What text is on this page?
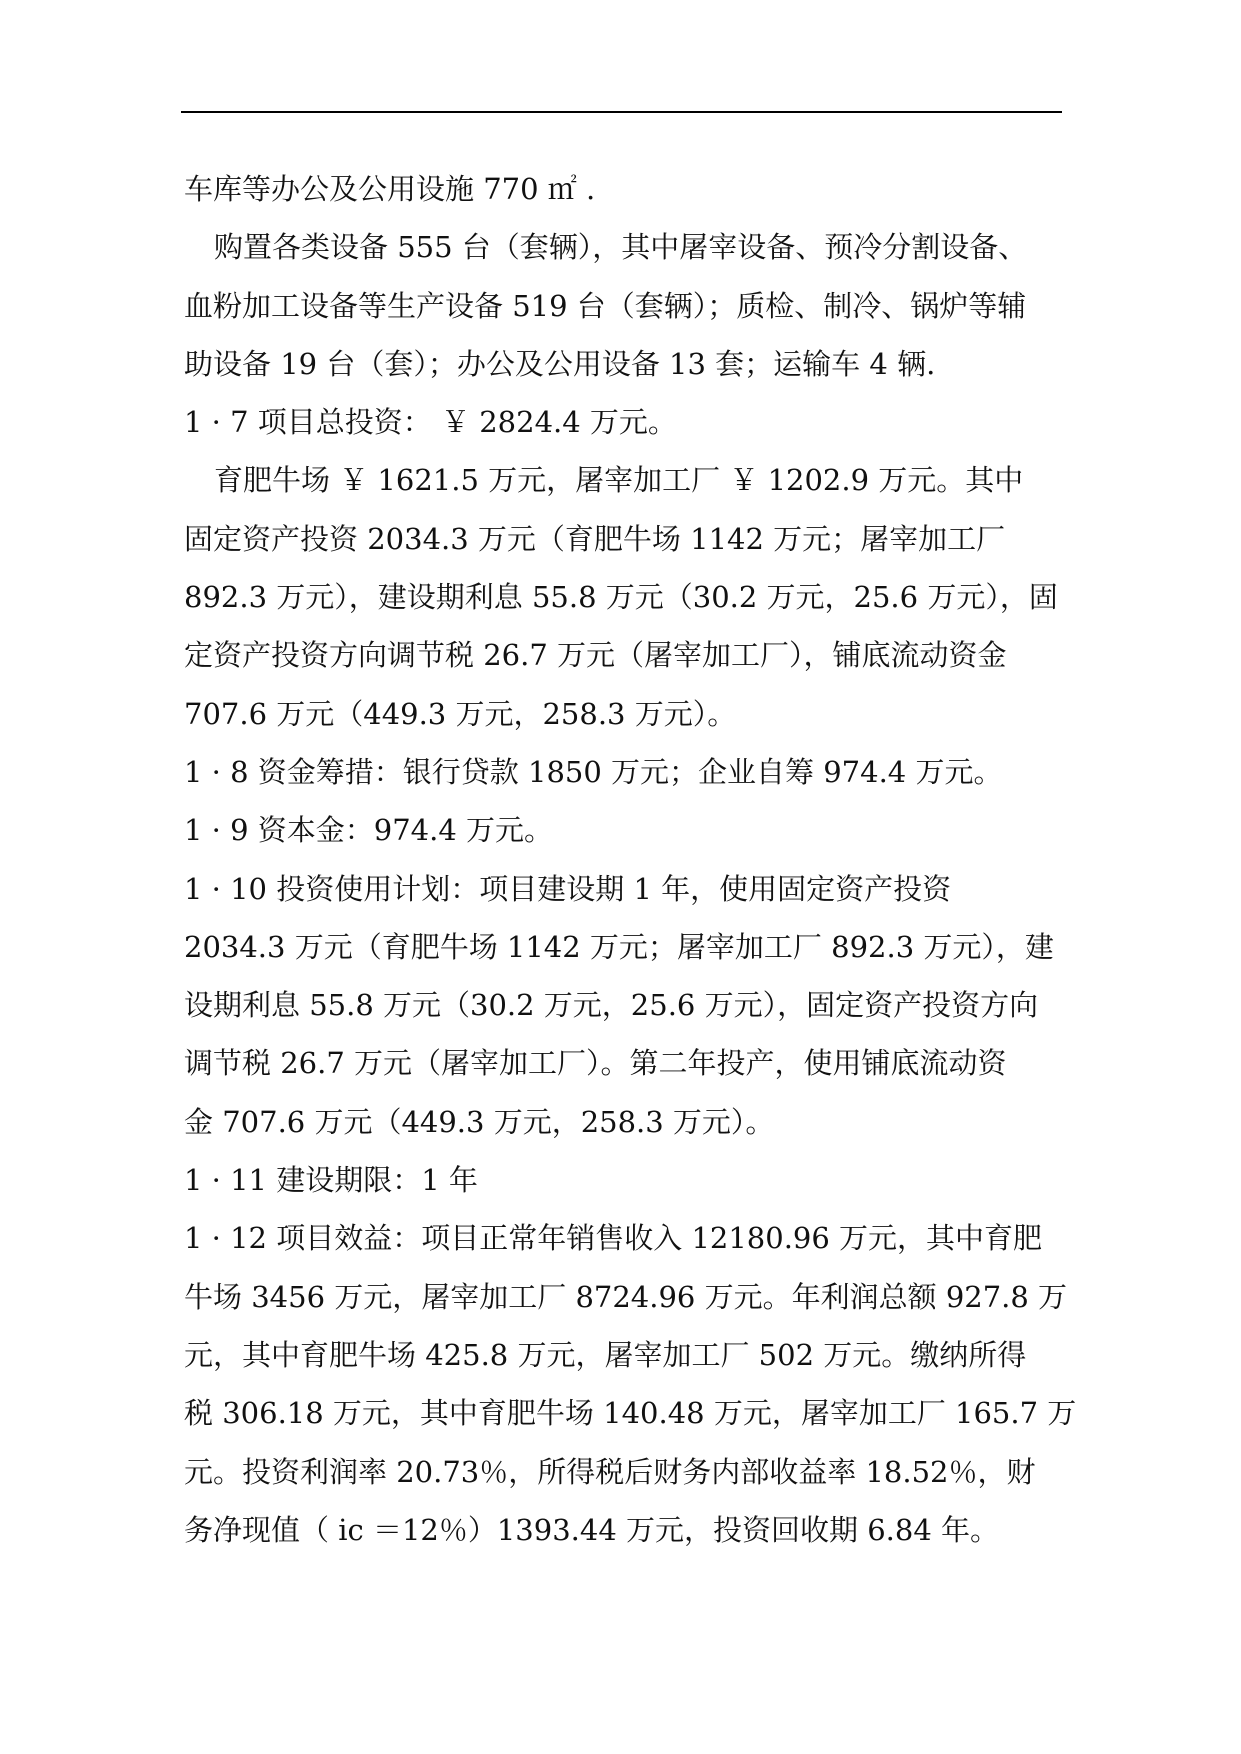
车库等办公及公用设施 770 ㎡ .
购置各类设备 555 台（套辆），其中屠宰设备、预冷分割设备、
血粉加工设备等生产设备 519 台（套辆）；质检、制冷、锅炉等辅
助设备 19 台（套）；办公及公用设备 13 套；运输车 4 辆.
1 · 7 项目总投资： ￥ 2824.4 万元。
育肥牛场 ￥ 1621.5 万元，屠宰加工厂 ￥ 1202.9 万元。其中
固定资产投资 2034.3 万元（育肥牛场 1142 万元；屠宰加工厂
892.3 万元），建设期利息 55.8 万元（30.2 万元，25.6 万元），固
定资产投资方向调节税 26.7 万元（屠宰加工厂），铺底流动资金
707.6 万元（449.3 万元，258.3 万元）。
1 · 8 资金筹措：银行贷款 1850 万元；企业自筹 974.4 万元。
1 · 9 资本金：974.4 万元。
1 · 10 投资使用计划：项目建设期 1 年，使用固定资产投资
2034.3 万元（育肥牛场 1142 万元；屠宰加工厂 892.3 万元），建
设期利息 55.8 万元（30.2 万元，25.6 万元），固定资产投资方向
调节税 26.7 万元（屠宰加工厂）。第二年投产，使用铺底流动资
金 707.6 万元（449.3 万元，258.3 万元）。
1 · 11 建设期限：1 年
1 · 12 项目效益：项目正常年销售收入 12180.96 万元，其中育肥
牛场 3456 万元，屠宰加工厂 8724.96 万元。年利润总额 927.8 万
元，其中育肥牛场 425.8 万元，屠宰加工厂 502 万元。缴纳所得
税 306.18 万元，其中育肥牛场 140.48 万元，屠宰加工厂 165.7 万
元。投资利润率 20.73％，所得税后财务内部收益率 18.52％，财
务净现值（ ic ＝12％）1393.44 万元，投资回收期 6.84 年。
